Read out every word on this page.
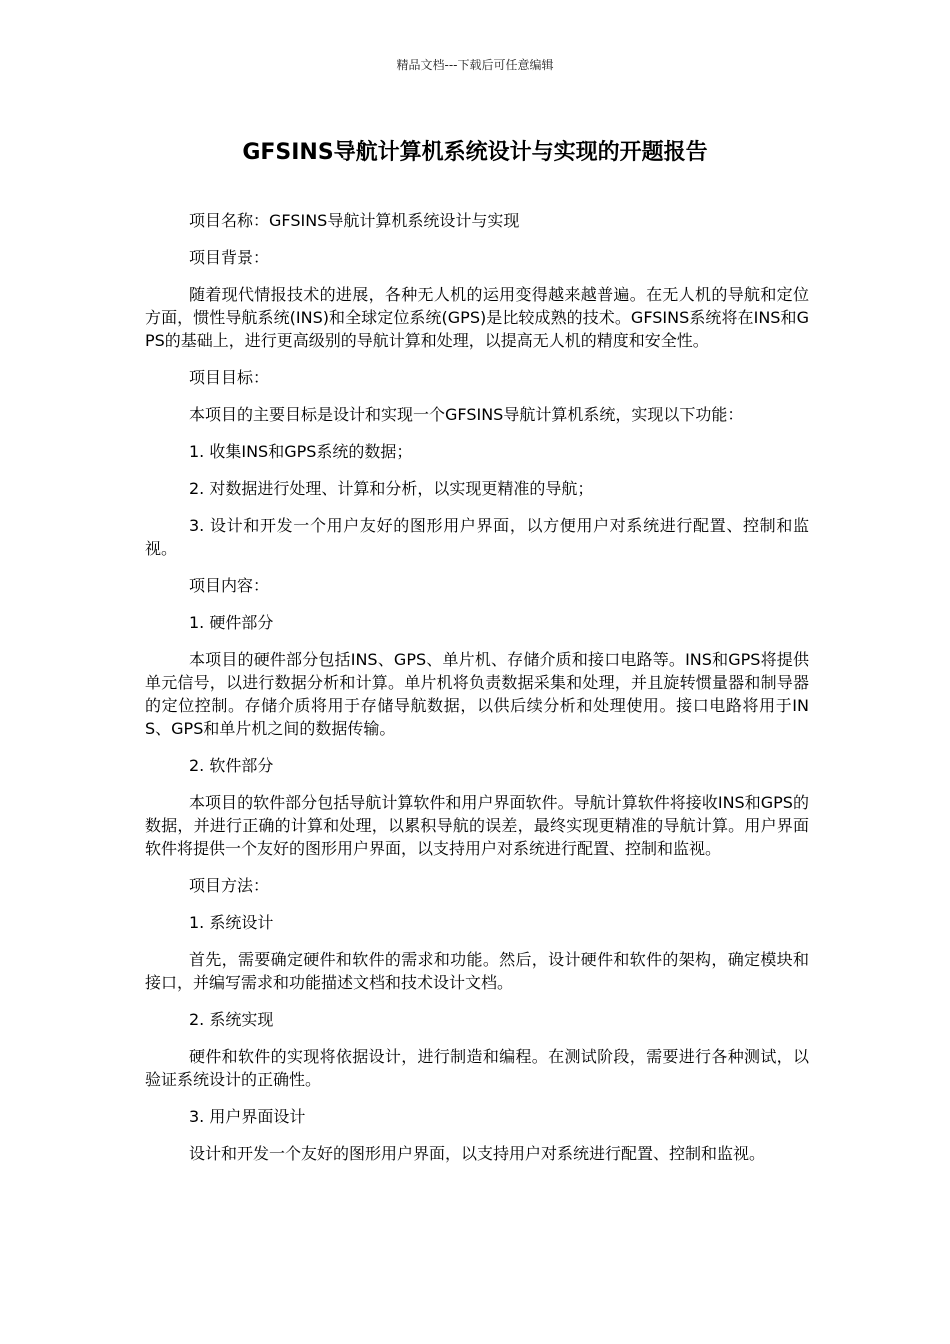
精品文档---下载后可任意编辑
GFSINS导航计算机系统设计与实现的开题报告

项目名称：GFSINS导航计算机系统设计与实现

项目背景：

随着现代情报技术的进展，各种无人机的运用变得越来越普遍。在无人机的导航和定位方面，惯性导航系统(INS)和全球定位系统(GPS)是比较成熟的技术。GFSINS系统将在INS和GPS的基础上，进行更高级别的导航计算和处理，以提高无人机的精度和安全性。

项目目标：

本项目的主要目标是设计和实现一个GFSINS导航计算机系统，实现以下功能：

1. 收集INS和GPS系统的数据；

2. 对数据进行处理、计算和分析，以实现更精准的导航；

3. 设计和开发一个用户友好的图形用户界面，以方便用户对系统进行配置、控制和监视。

项目内容：

1. 硬件部分

本项目的硬件部分包括INS、GPS、单片机、存储介质和接口电路等。INS和GPS将提供单元信号，以进行数据分析和计算。单片机将负责数据采集和处理，并且旋转惯量器和制导器的定位控制。存储介质将用于存储导航数据，以供后续分析和处理使用。接口电路将用于INS、GPS和单片机之间的数据传输。

2. 软件部分

本项目的软件部分包括导航计算软件和用户界面软件。导航计算软件将接收INS和GPS的数据，并进行正确的计算和处理，以累积导航的误差，最终实现更精准的导航计算。用户界面软件将提供一个友好的图形用户界面，以支持用户对系统进行配置、控制和监视。

项目方法：

1. 系统设计

首先，需要确定硬件和软件的需求和功能。然后，设计硬件和软件的架构，确定模块和接口，并编写需求和功能描述文档和技术设计文档。

2. 系统实现

硬件和软件的实现将依据设计，进行制造和编程。在测试阶段，需要进行各种测试，以验证系统设计的正确性。

3. 用户界面设计

设计和开发一个友好的图形用户界面，以支持用户对系统进行配置、控制和监视。
